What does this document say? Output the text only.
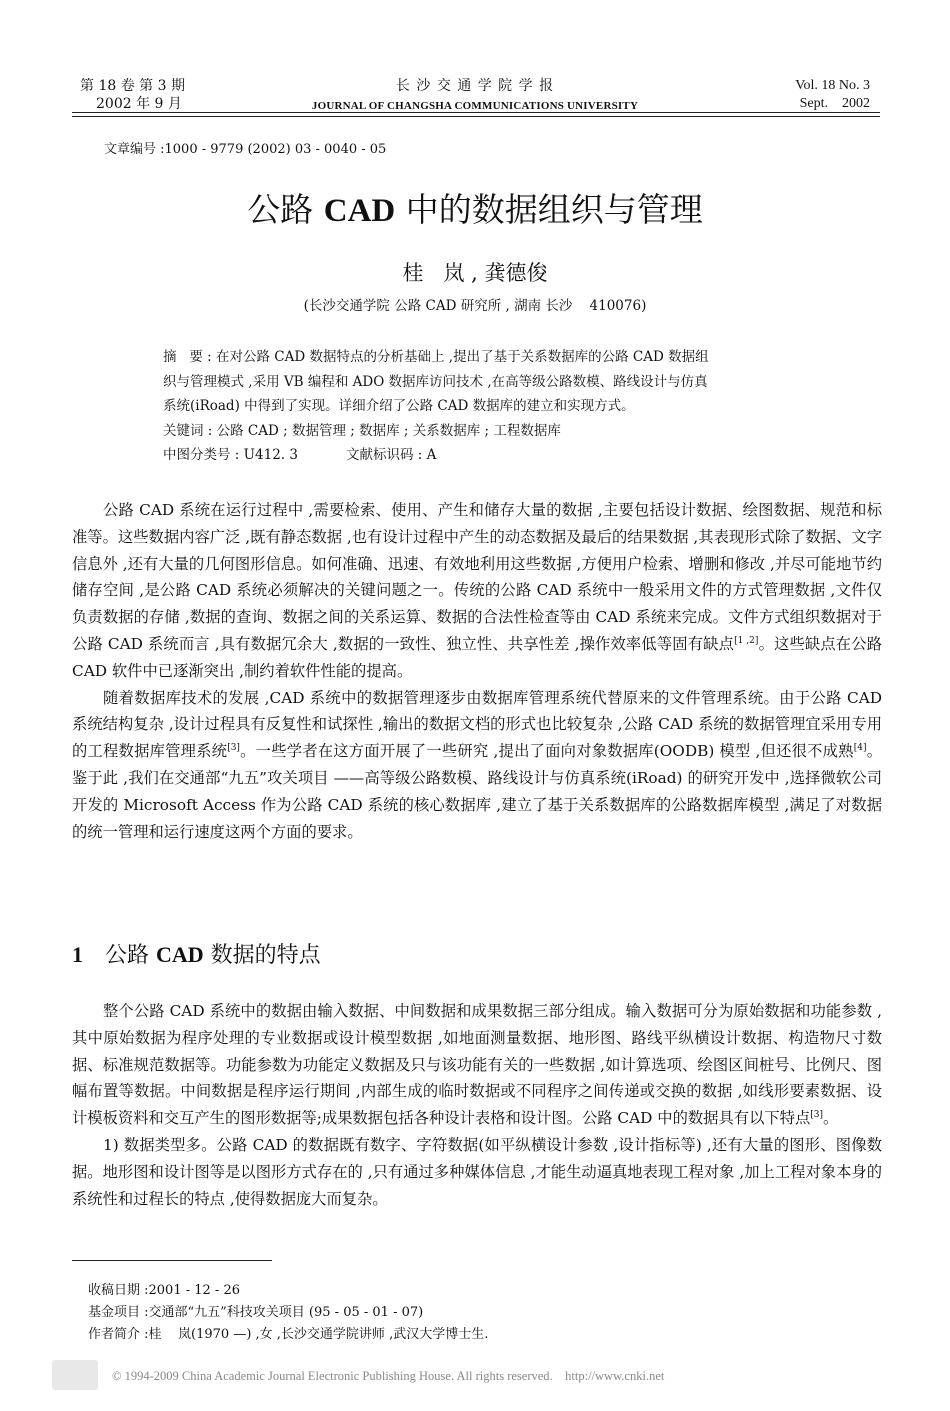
第 18 卷 第 3 期
2002 年 9 月
长 沙 交 通 学 院 学 报
JOURNAL OF CHANGSHA COMMUNICATIONS UNIVERSITY
Vol. 18 No. 3
Sept.    2002
文章编号 :1000 - 9779 (2002) 03 - 0040 - 05
公路 CAD 中的数据组织与管理
桂   岚 , 龚德俊
(长沙交通学院 公路 CAD 研究所 , 湖南 长沙    410076)

摘   要 : 在对公路 CAD 数据特点的分析基础上 ,提出了基于关系数据库的公路 CAD 数据组

织与管理模式 ,采用 VB 编程和 ADO 数据库访问技术 ,在高等级公路数模、路线设计与仿真

系统(iRoad) 中得到了实现。详细介绍了公路 CAD 数据库的建立和实现方式。

关键词 : 公路 CAD ; 数据管理 ; 数据库 ; 关系数据库 ; 工程数据库

中图分类号 : U412. 3	文献标识码 : A

公路 CAD 系统在运行过程中 ,需要检索、使用、产生和储存大量的数据 ,主要包括设计数据、绘图数据、规范和标准等。这些数据内容广泛 ,既有静态数据 ,也有设计过程中产生的动态数据及最后的结果数据 ,其表现形式除了数据、文字信息外 ,还有大量的几何图形信息。如何准确、迅速、有效地利用这些数据 ,方便用户检索、增删和修改 ,并尽可能地节约储存空间 ,是公路 CAD 系统必须解决的关键问题之一。传统的公路 CAD 系统中一般采用文件的方式管理数据 ,文件仅负责数据的存储 ,数据的查询、数据之间的关系运算、数据的合法性检查等由 CAD 系统来完成。文件方式组织数据对于公路 CAD 系统而言 ,具有数据冗余大 ,数据的一致性、独立性、共享性差 ,操作效率低等固有缺点[1 ,2]。这些缺点在公路 CAD 软件中已逐渐突出 ,制约着软件性能的提高。

随着数据库技术的发展 ,CAD 系统中的数据管理逐步由数据库管理系统代替原来的文件管理系统。由于公路 CAD 系统结构复杂 ,设计过程具有反复性和试探性 ,输出的数据文档的形式也比较复杂 ,公路 CAD 系统的数据管理宜采用专用的工程数据库管理系统[3]。一些学者在这方面开展了一些研究 ,提出了面向对象数据库(OODB) 模型 ,但还很不成熟[4]。鉴于此 ,我们在交通部“九五”攻关项目 ——高等级公路数模、路线设计与仿真系统(iRoad) 的研究开发中 ,选择微软公司开发的 Microsoft Access 作为公路 CAD 系统的核心数据库 ,建立了基于关系数据库的公路数据库模型 ,满足了对数据的统一管理和运行速度这两个方面的要求。

1 公路 CAD 数据的特点

整个公路 CAD 系统中的数据由输入数据、中间数据和成果数据三部分组成。输入数据可分为原始数据和功能参数 ,其中原始数据为程序处理的专业数据或设计模型数据 ,如地面测量数据、地形图、路线平纵横设计数据、构造物尺寸数据、标准规范数据等。功能参数为功能定义数据及只与该功能有关的一些数据 ,如计算选项、绘图区间桩号、比例尺、图幅布置等数据。中间数据是程序运行期间 ,内部生成的临时数据或不同程序之间传递或交换的数据 ,如线形要素数据、设计模板资料和交互产生的图形数据等;成果数据包括各种设计表格和设计图。公路 CAD 中的数据具有以下特点[3]。

1) 数据类型多。公路 CAD 的数据既有数字、字符数据(如平纵横设计参数 ,设计指标等) ,还有大量的图形、图像数据。地形图和设计图等是以图形方式存在的 ,只有通过多种媒体信息 ,才能生动逼真地表现工程对象 ,加上工程对象本身的系统性和过程长的特点 ,使得数据庞大而复杂。

收稿日期 :2001 - 12 - 26

基金项目 :交通部“九五”科技攻关项目 (95 - 05 - 01 - 07)

作者简介 :桂    岚(1970 —) ,女 ,长沙交通学院讲师 ,武汉大学博士生.

© 1994-2009 China Academic Journal Electronic Publishing House. All rights reserved.    http://www.cnki.net
